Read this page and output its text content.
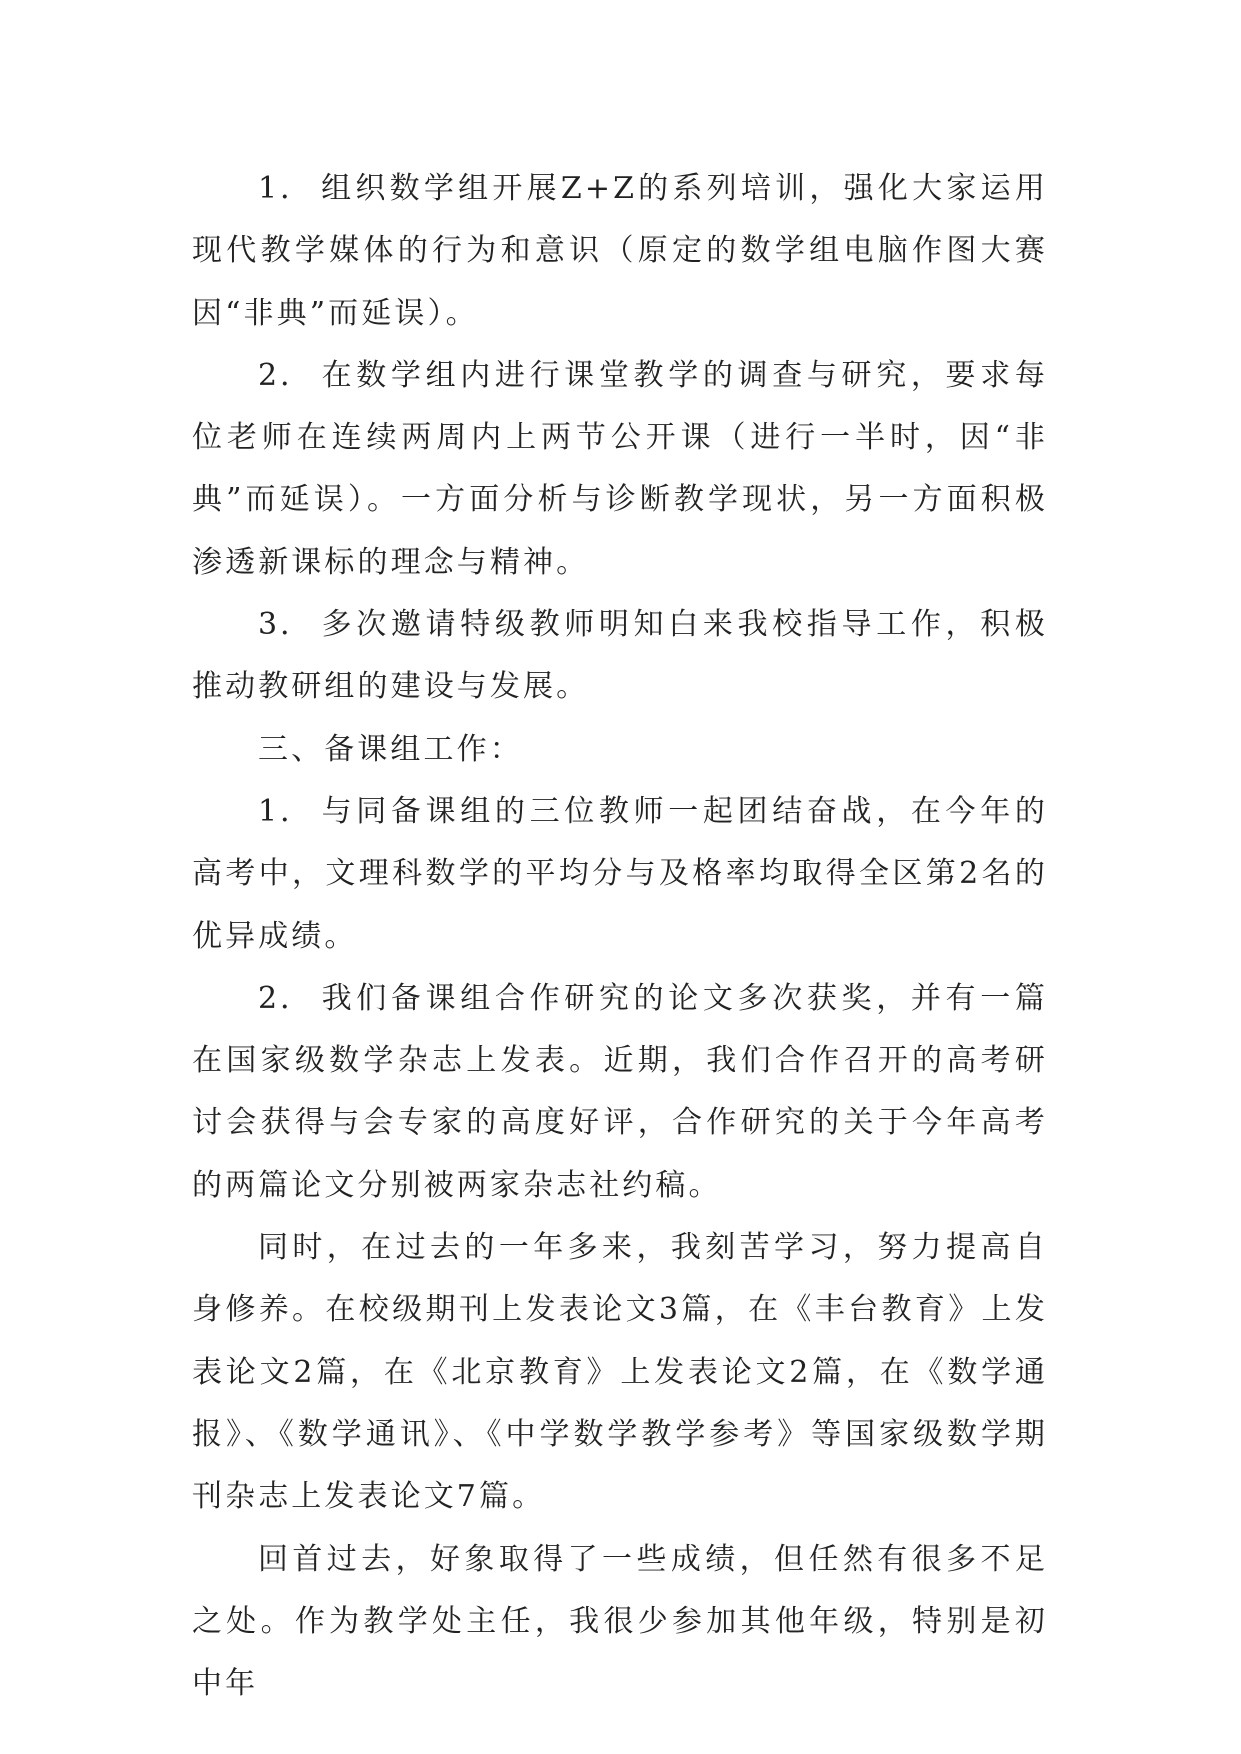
1． 组织数学组开展Z+Z的系列培训，强化大家运用现代教学媒体的行为和意识（原定的数学组电脑作图大赛因“非典”而延误）。

2． 在数学组内进行课堂教学的调查与研究，要求每位老师在连续两周内上两节公开课（进行一半时，因“非典”而延误）。一方面分析与诊断教学现状，另一方面积极渗透新课标的理念与精神。

3． 多次邀请特级教师明知白来我校指导工作，积极推动教研组的建设与发展。

三、备课组工作：

1． 与同备课组的三位教师一起团结奋战，在今年的高考中，文理科数学的平均分与及格率均取得全区第2名的优异成绩。

2． 我们备课组合作研究的论文多次获奖，并有一篇在国家级数学杂志上发表。近期，我们合作召开的高考研讨会获得与会专家的高度好评，合作研究的关于今年高考的两篇论文分别被两家杂志社约稿。

同时，在过去的一年多来，我刻苦学习，努力提高自身修养。在校级期刊上发表论文3篇，在《丰台教育》上发表论文2篇，在《北京教育》上发表论文2篇，在《数学通报》、《数学通讯》、《中学数学教学参考》等国家级数学期刊杂志上发表论文7篇。

回首过去，好象取得了一些成绩，但任然有很多不足之处。作为教学处主任，我很少参加其他年级，特别是初中年
